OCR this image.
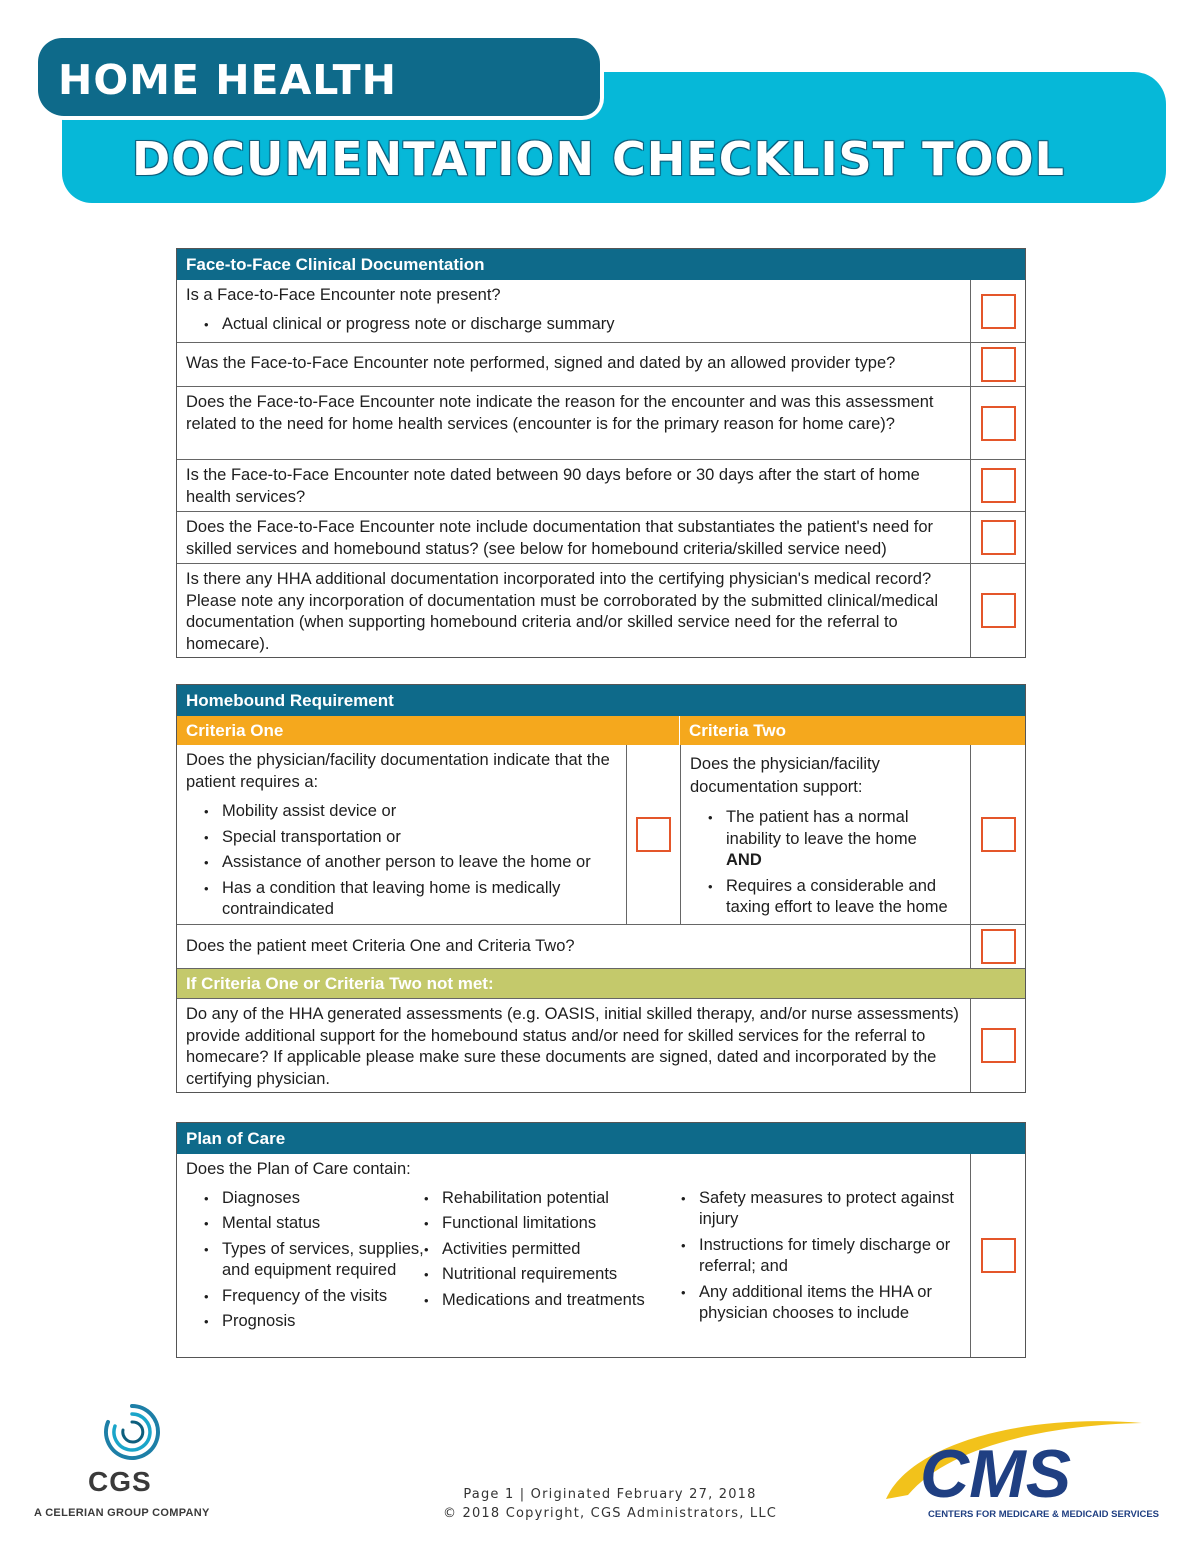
HOME HEALTH
DOCUMENTATION CHECKLIST TOOL
Face-to-Face Clinical Documentation
Is a Face-to-Face Encounter note present?
• Actual clinical or progress note or discharge summary
Was the Face-to-Face Encounter note performed, signed and dated by an allowed provider type?
Does the Face-to-Face Encounter note indicate the reason for the encounter and was this assessment related to the need for home health services (encounter is for the primary reason for home care)?
Is the Face-to-Face Encounter note dated between 90 days before or 30 days after the start of home health services?
Does the Face-to-Face Encounter note include documentation that substantiates the patient's need for skilled services and homebound status? (see below for homebound criteria/skilled service need)
Is there any HHA additional documentation incorporated into the certifying physician's medical record? Please note any incorporation of documentation must be corroborated by the submitted clinical/medical documentation (when supporting homebound criteria and/or skilled service need for the referral to homecare).
Homebound Requirement
Criteria One	Criteria Two
Does the physician/facility documentation indicate that the patient requires a:
• Mobility assist device or
• Special transportation or
• Assistance of another person to leave the home or
• Has a condition that leaving home is medically contraindicated
Does the physician/facility documentation support:
• The patient has a normal inability to leave the home
AND
• Requires a considerable and taxing effort to leave the home
Does the patient meet Criteria One and Criteria Two?
If Criteria One or Criteria Two not met:
Do any of the HHA generated assessments (e.g. OASIS, initial skilled therapy, and/or nurse assessments) provide additional support for the homebound status and/or need for skilled services for the referral to homecare? If applicable please make sure these documents are signed, dated and incorporated by the certifying physician.
Plan of Care
Does the Plan of Care contain:
• Diagnoses
• Mental status
• Types of services, supplies, and equipment required
• Frequency of the visits
• Prognosis
• Rehabilitation potential
• Functional limitations
• Activities permitted
• Nutritional requirements
• Medications and treatments
• Safety measures to protect against injury
• Instructions for timely discharge or referral; and
• Any additional items the HHA or physician chooses to include
CGS
A CELERIAN GROUP COMPANY
Page 1 | Originated February 27, 2018
© 2018 Copyright, CGS Administrators, LLC
CMS
CENTERS FOR MEDICARE & MEDICAID SERVICES
